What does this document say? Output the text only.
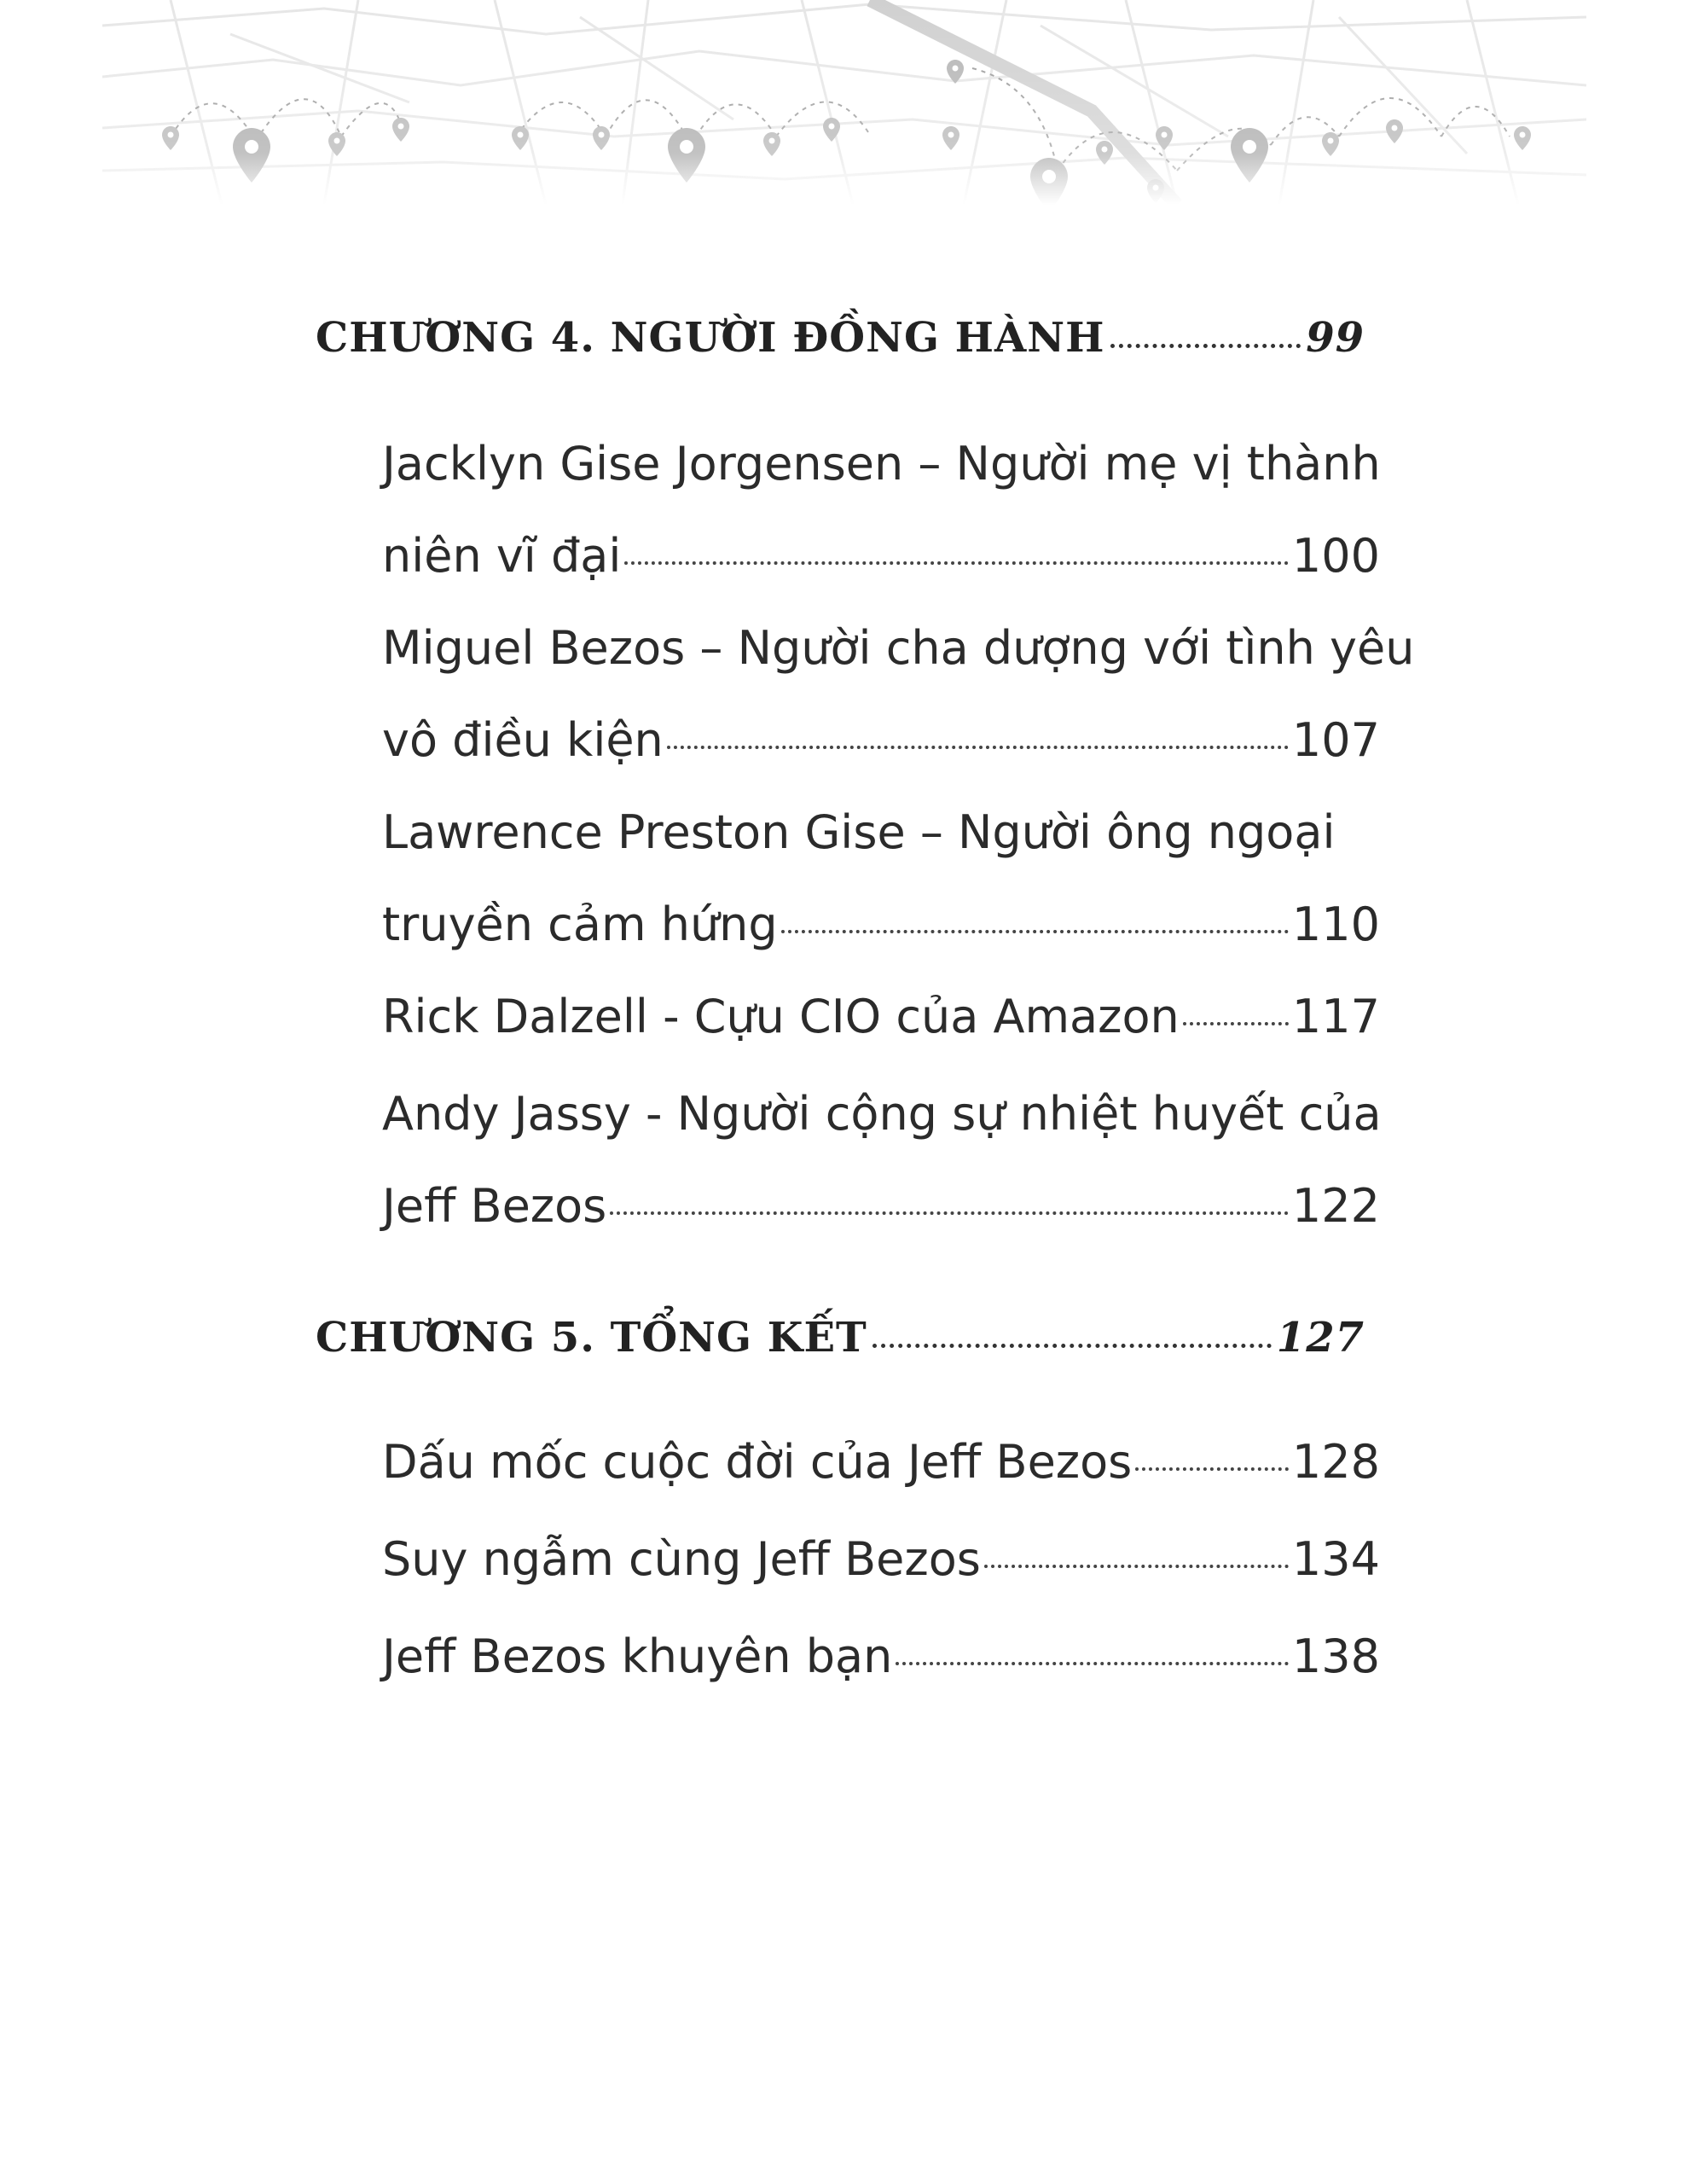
CHƯƠNG 4. NGƯỜI ĐỒNG HÀNH	99
Jacklyn Gise Jorgensen – Người mẹ vị thành
niên vĩ đại	100
Miguel Bezos – Người cha dượng với tình yêu
vô điều kiện	107
Lawrence Preston Gise – Người ông ngoại
truyền cảm hứng	110
Rick Dalzell - Cựu CIO của Amazon 117
Andy Jassy - Người cộng sự nhiệt huyết của
Jeff Bezos	122
CHƯƠNG 5. TỔNG KẾT	127
Dấu mốc cuộc đời của Jeff Bezos	128
Suy ngẫm cùng Jeff Bezos	134
Jeff Bezos khuyên bạn	138
